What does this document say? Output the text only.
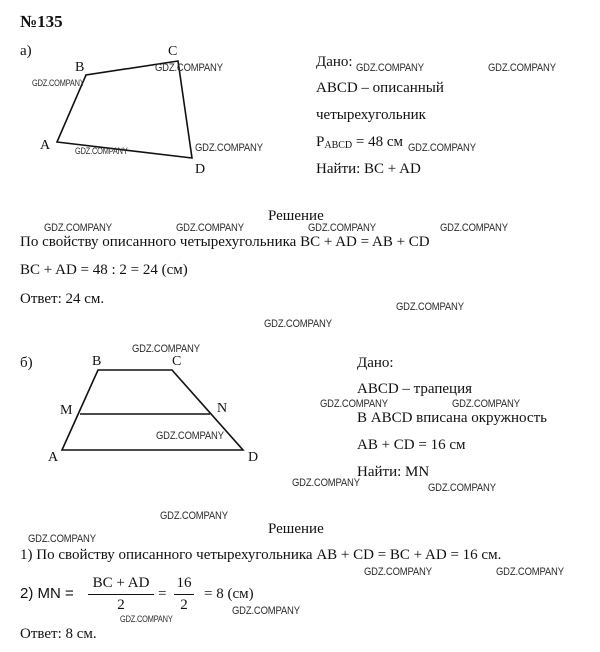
№135
а)
B
C
A
D
Дано:
ABCD – описанный
четырехугольник
PABCD = 48 см
Найти: BC + AD
Решение
По свойству описанного четырехугольника BC + AD = AB + CD
BC + AD = 48 : 2 = 24 (см)
Ответ: 24 см.
б)	B	C
M	N
A	D
Дано:
ABCD – трапеция
В ABCD вписана окружность
AB + CD = 16 см
Найти: MN
Решение
1) По свойству описанного четырехугольника AB + CD = BC + AD = 16 см.
2) MN =
BC + AD
2
=
16
2
= 8 (см)
Ответ: 8 см.
GDZ.COMPANY
GDZ.COMPANY
GDZ.COMPANY	GDZ.COMPANY
GDZ.COMPANY	GDZ.COMPANY
GDZ.COMPANY
GDZ.COMPANY	GDZ.COMPANY	GDZ.COMPANY	GDZ.COMPANY
GDZ.COMPANY
GDZ.COMPANY
GDZ.COMPANY
GDZ.COMPANY	GDZ.COMPANY
GDZ.COMPANY
GDZ.COMPANY	GDZ.COMPANY
GDZ.COMPANY
GDZ.COMPANY
GDZ.COMPANY	GDZ.COMPANY
GDZ.COMPANY
GDZ.COMPANY
